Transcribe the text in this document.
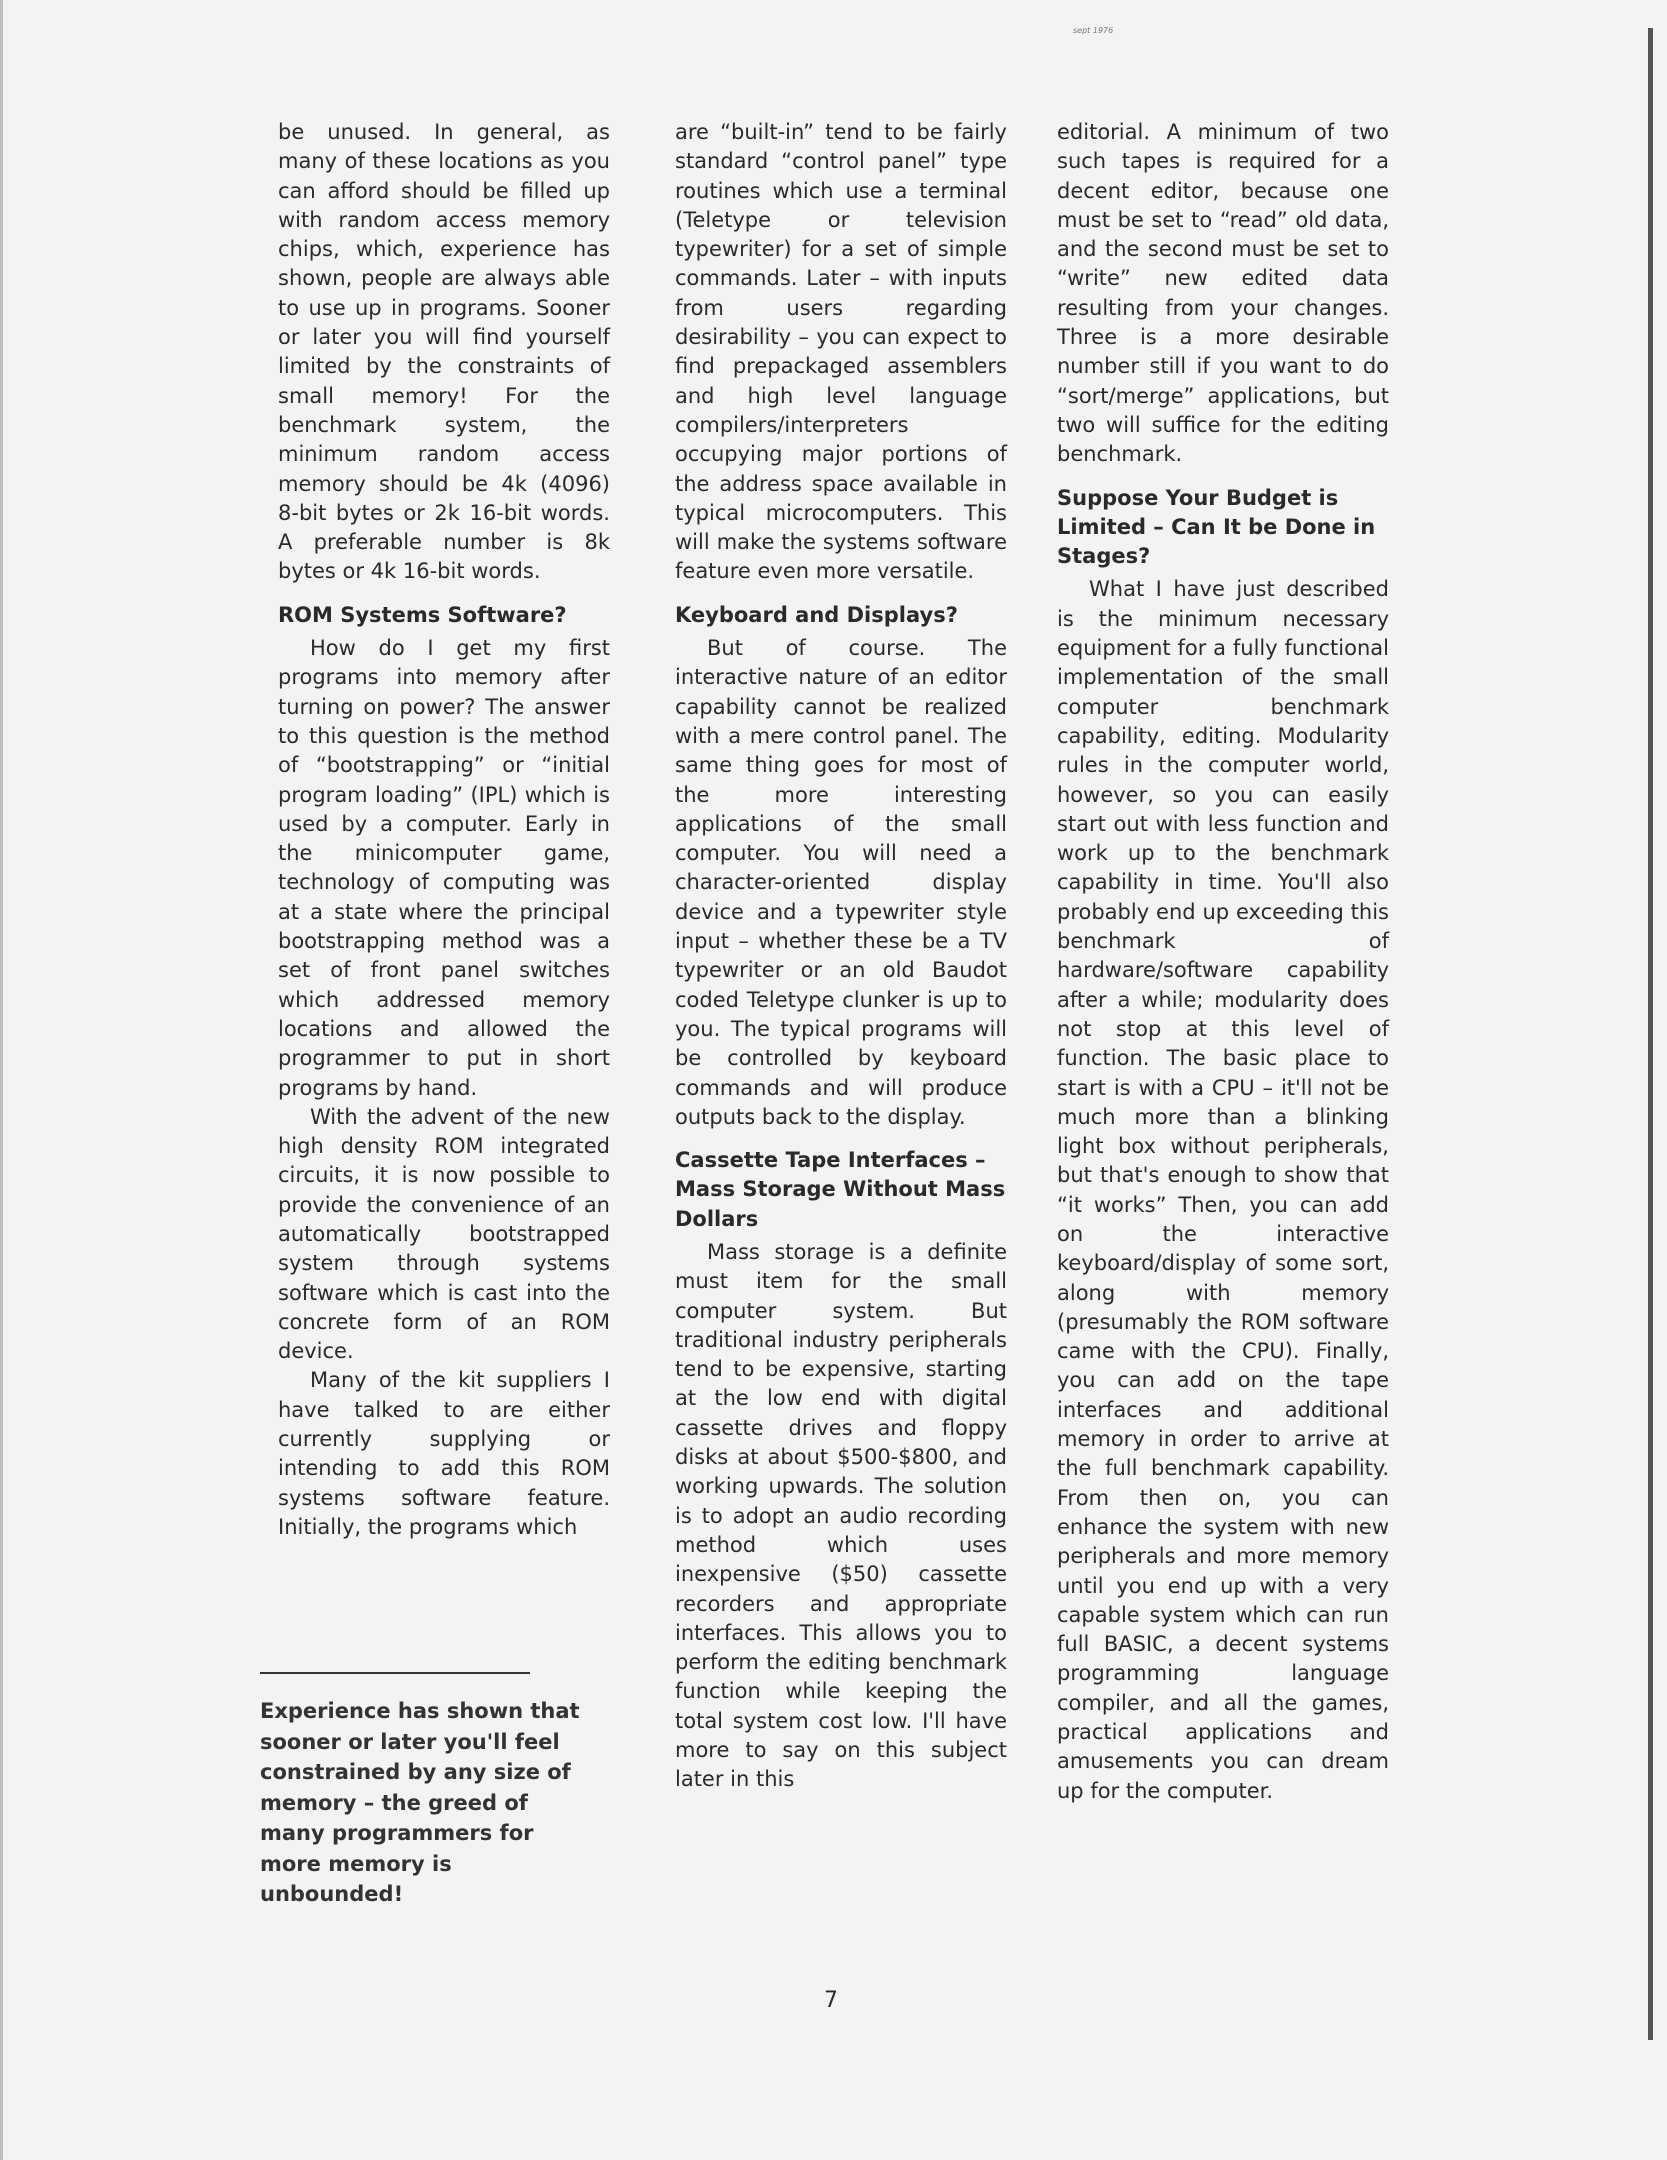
sept 1976

be unused. In general, as many of these locations as you can afford should be filled up with random access memory chips, which, experience has shown, people are always able to use up in programs. Sooner or later you will find yourself limited by the constraints of small memory! For the benchmark system, the minimum random access memory should be 4k (4096) 8-bit bytes or 2k 16-bit words. A preferable number is 8k bytes or 4k 16-bit words.

ROM Systems Software?

How do I get my first programs into memory after turning on power? The answer to this question is the method of “bootstrapping” or “initial program loading” (IPL) which is used by a computer. Early in the minicomputer game, technology of computing was at a state where the principal bootstrapping method was a set of front panel switches which addressed memory locations and allowed the programmer to put in short programs by hand.

With the advent of the new high density ROM integrated circuits, it is now possible to provide the convenience of an automatically bootstrapped system through systems software which is cast into the concrete form of an ROM device.

Many of the kit suppliers I have talked to are either currently supplying or intending to add this ROM systems software feature. Initially, the programs which

Experience has shown that sooner or later you'll feel constrained by any size of memory – the greed of many programmers for more memory is unbounded!

are “built-in” tend to be fairly standard “control panel” type routines which use a terminal (Teletype or television typewriter) for a set of simple commands. Later – with inputs from users regarding desirability – you can expect to find prepackaged assemblers and high level language compilers/interpreters occupying major portions of the address space available in typical microcomputers. This will make the systems software feature even more versatile.

Keyboard and Displays?

But of course. The interactive nature of an editor capability cannot be realized with a mere control panel. The same thing goes for most of the more interesting applications of the small computer. You will need a character-oriented display device and a typewriter style input – whether these be a TV typewriter or an old Baudot coded Teletype clunker is up to you. The typical programs will be controlled by keyboard commands and will produce outputs back to the display.

Cassette Tape Interfaces – Mass Storage Without Mass Dollars

Mass storage is a definite must item for the small computer system. But traditional industry peripherals tend to be expensive, starting at the low end with digital cassette drives and floppy disks at about $500-$800, and working upwards. The solution is to adopt an audio recording method which uses inexpensive ($50) cassette recorders and appropriate interfaces. This allows you to perform the editing benchmark function while keeping the total system cost low. I'll have more to say on this subject later in this

editorial. A minimum of two such tapes is required for a decent editor, because one must be set to “read” old data, and the second must be set to “write” new edited data resulting from your changes. Three is a more desirable number still if you want to do “sort/merge” applications, but two will suffice for the editing benchmark.

Suppose Your Budget is Limited – Can It be Done in Stages?

What I have just described is the minimum necessary equipment for a fully functional implementation of the small computer benchmark capability, editing. Modularity rules in the computer world, however, so you can easily start out with less function and work up to the benchmark capability in time. You'll also probably end up exceeding this benchmark of hardware/software capability after a while; modularity does not stop at this level of function. The basic place to start is with a CPU – it'll not be much more than a blinking light box without peripherals, but that's enough to show that “it works” Then, you can add on the interactive keyboard/display of some sort, along with memory (presumably the ROM software came with the CPU). Finally, you can add on the tape interfaces and additional memory in order to arrive at the full benchmark capability. From then on, you can enhance the system with new peripherals and more memory until you end up with a very capable system which can run full BASIC, a decent systems programming language compiler, and all the games, practical applications and amusements you can dream up for the computer.

7
